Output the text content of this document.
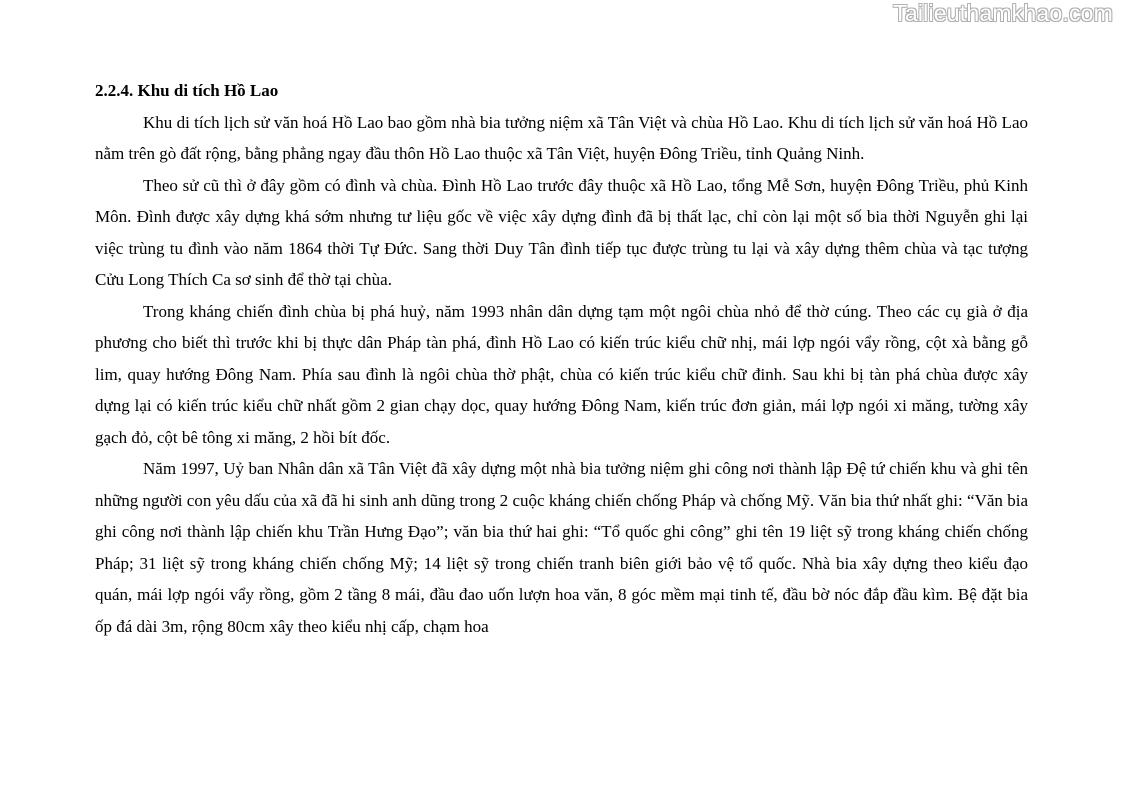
Tailieuthamkhao.com

2.2.4. Khu di tích Hồ Lao

Khu di tích lịch sử văn hoá Hồ Lao bao gồm nhà bia tưởng niệm xã Tân Việt và chùa Hồ Lao. Khu di tích lịch sử văn hoá Hồ Lao nằm trên gò đất rộng, bằng phẳng ngay đầu thôn Hồ Lao thuộc xã Tân Việt, huyện Đông Triều, tỉnh Quảng Ninh.

Theo sử cũ thì ở đây gồm có đình và chùa. Đình Hồ Lao trước đây thuộc xã Hồ Lao, tổng Mễ Sơn, huyện Đông Triều, phủ Kinh Môn. Đình được xây dựng khá sớm nhưng tư liệu gốc về việc xây dựng đình đã bị thất lạc, chỉ còn lại một số bia thời Nguyễn ghi lại việc trùng tu đình vào năm 1864 thời Tự Đức. Sang thời Duy Tân đình tiếp tục được trùng tu lại và xây dựng thêm chùa và tạc tượng Cửu Long Thích Ca sơ sinh để thờ tại chùa.

Trong kháng chiến đình chùa bị phá huỷ, năm 1993 nhân dân dựng tạm một ngôi chùa nhỏ để thờ cúng. Theo các cụ già ở địa phương cho biết thì trước khi bị thực dân Pháp tàn phá, đình Hồ Lao có kiến trúc kiểu chữ nhị, mái lợp ngói vẩy rồng, cột xà bằng gỗ lim, quay hướng Đông Nam. Phía sau đình là ngôi chùa thờ phật, chùa có kiến trúc kiểu chữ đinh. Sau khi bị tàn phá chùa được xây dựng lại có kiến trúc kiểu chữ nhất gồm 2 gian chạy dọc, quay hướng Đông Nam, kiến trúc đơn giản, mái lợp ngói xi măng, tường xây gạch đỏ, cột bê tông xi măng, 2 hồi bít đốc.

Năm 1997, Uỷ ban Nhân dân xã Tân Việt đã xây dựng một nhà bia tưởng niệm ghi công nơi thành lập Đệ tứ chiến khu và ghi tên những người con yêu dấu của xã đã hi sinh anh dũng trong 2 cuộc kháng chiến chống Pháp và chống Mỹ. Văn bia thứ nhất ghi: “Văn bia ghi công nơi thành lập chiến khu Trần Hưng Đạo”; văn bia thứ hai ghi: “Tổ quốc ghi công” ghi tên 19 liệt sỹ trong kháng chiến chống Pháp; 31 liệt sỹ trong kháng chiến chống Mỹ; 14 liệt sỹ trong chiến tranh biên giới bảo vệ tổ quốc. Nhà bia xây dựng theo kiểu đạo quán, mái lợp ngói vẩy rồng, gồm 2 tầng 8 mái, đầu đao uốn lượn hoa văn, 8 góc mềm mại tinh tế, đầu bờ nóc đắp đầu kìm. Bệ đặt bia ốp đá dài 3m, rộng 80cm xây theo kiểu nhị cấp, chạm hoa
